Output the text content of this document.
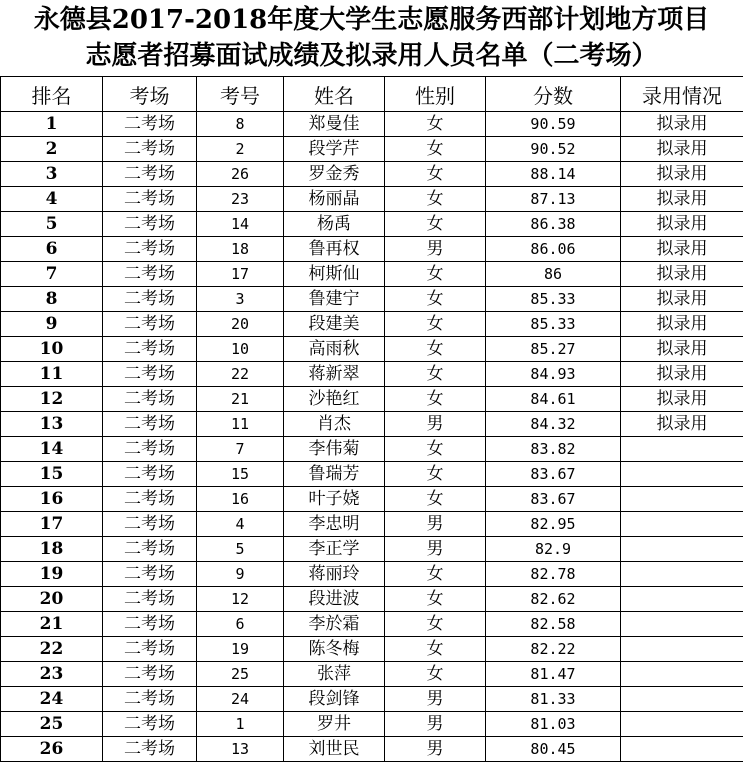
永德县2017-2018年度大学生志愿服务西部计划地方项目
志愿者招募面试成绩及拟录用人员名单（二考场）
排名	考场	考号	姓名	性别	分数	录用情况
1	二考场	8	郑曼佳	女	90.59	拟录用
2	二考场	2	段学芹	女	90.52	拟录用
3	二考场	26	罗金秀	女	88.14	拟录用
4	二考场	23	杨丽晶	女	87.13	拟录用
5	二考场	14	杨禹	女	86.38	拟录用
6	二考场	18	鲁再权	男	86.06	拟录用
7	二考场	17	柯斯仙	女	86	拟录用
8	二考场	3	鲁建宁	女	85.33	拟录用
9	二考场	20	段建美	女	85.33	拟录用
10	二考场	10	高雨秋	女	85.27	拟录用
11	二考场	22	蒋新翠	女	84.93	拟录用
12	二考场	21	沙艳红	女	84.61	拟录用
13	二考场	11	肖杰	男	84.32	拟录用
14	二考场	7	李伟菊	女	83.82	
15	二考场	15	鲁瑞芳	女	83.67	
16	二考场	16	叶子娆	女	83.67	
17	二考场	4	李忠明	男	82.95	
18	二考场	5	李正学	男	82.9	
19	二考场	9	蒋丽玲	女	82.78	
20	二考场	12	段进波	女	82.62	
21	二考场	6	李於霜	女	82.58	
22	二考场	19	陈冬梅	女	82.22	
23	二考场	25	张萍	女	81.47	
24	二考场	24	段剑锋	男	81.33	
25	二考场	1	罗井	男	81.03	
26	二考场	13	刘世民	男	80.45	
